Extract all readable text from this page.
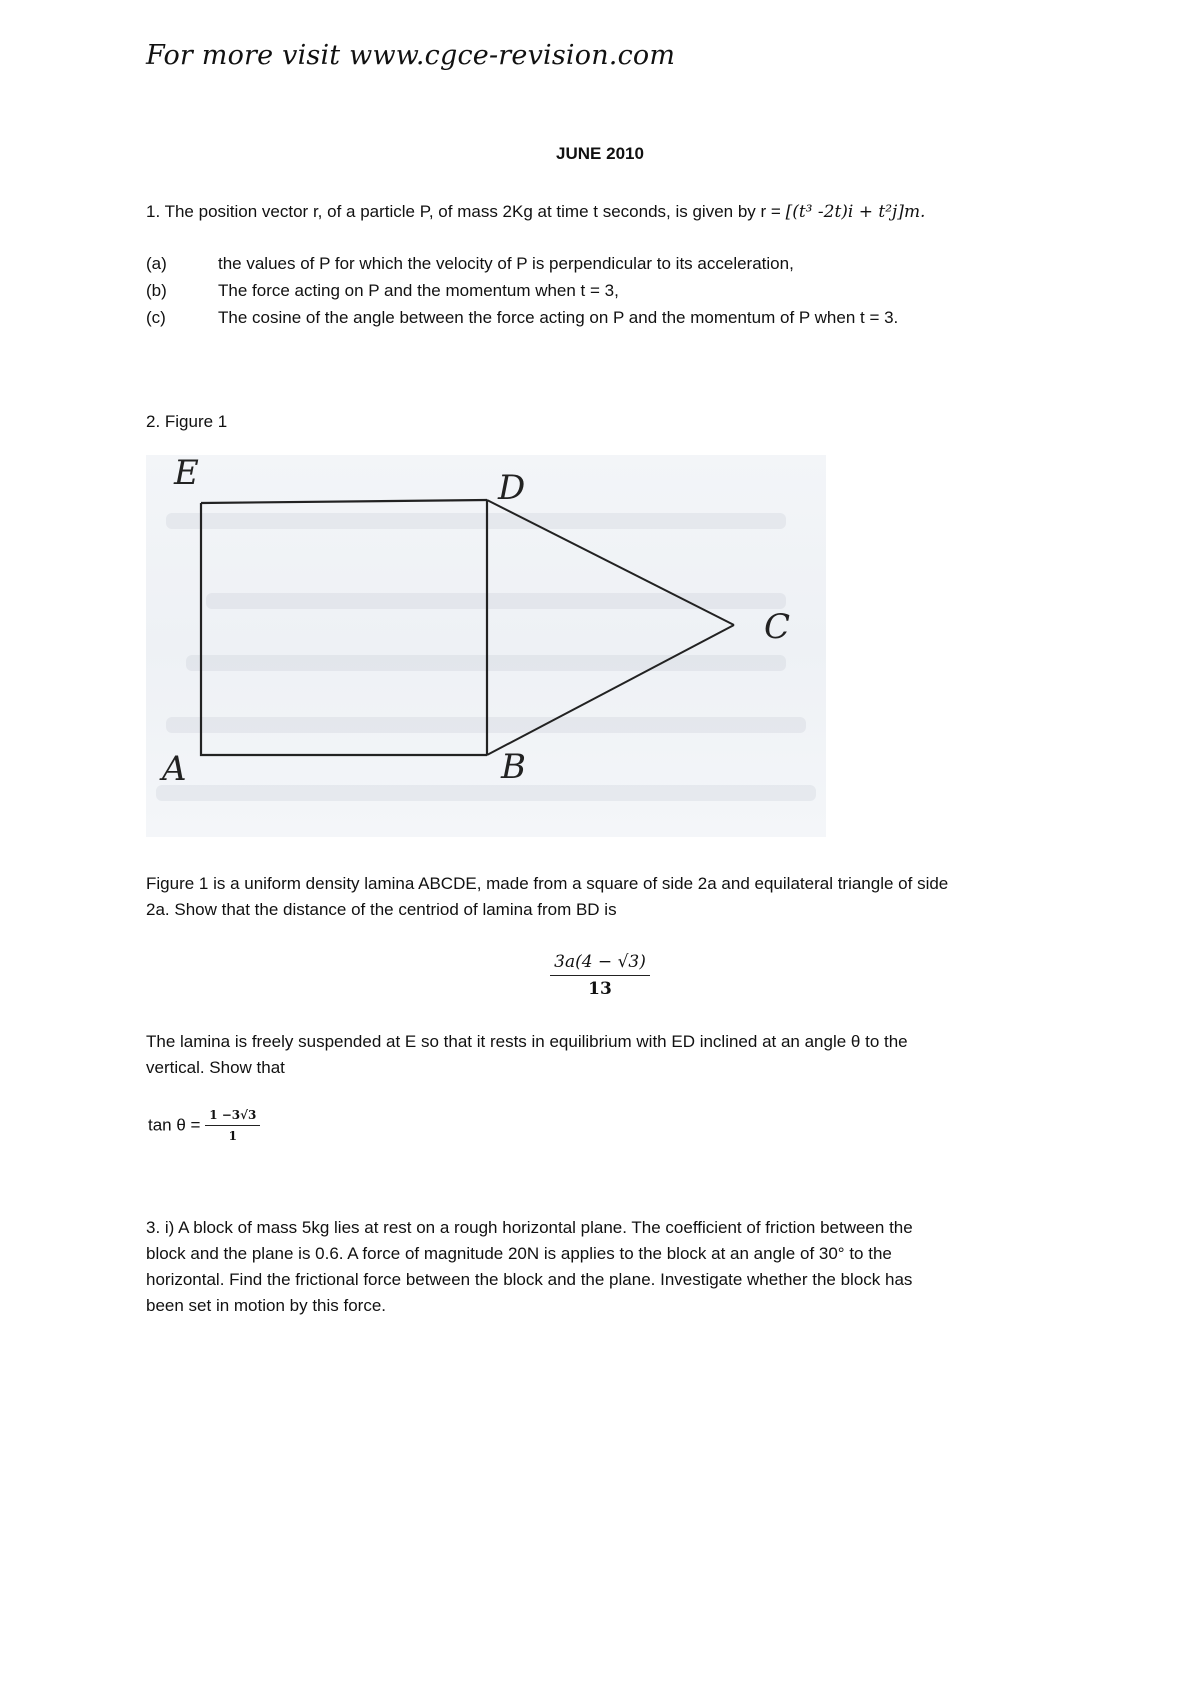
For more visit www.cgce-revision.com
JUNE 2010
1. The position vector r, of a particle P, of mass 2Kg at time t seconds, is given by r = [(t³ -2t)i + t²j]m.
(a)	the values of P for which the velocity of P is perpendicular to its acceleration,
(b)	The force acting on P and the momentum when t = 3,
(c)	The cosine of the angle between the force acting on P and the momentum of P when t = 3.
2. Figure 1
E	D
C
A	B
Figure 1 is a uniform density lamina ABCDE, made from a square of side 2a and equilateral triangle of side
2a. Show that the distance of the centriod of lamina from BD is
$\frac{3a(4 - √3)}{13}$
The lamina is freely suspended at E so that it rests in equilibrium with ED inclined at an angle θ to the
vertical. Show that
$\tan \theta = \frac{1 -3√3}{1}$
3. i) A block of mass 5kg lies at rest on a rough horizontal plane. The coefficient of friction between the
block and the plane is 0.6. A force of magnitude 20N is applies to the block at an angle of 30° to the
horizontal. Find the frictional force between the block and the plane. Investigate whether the block has
been set in motion by this force.
